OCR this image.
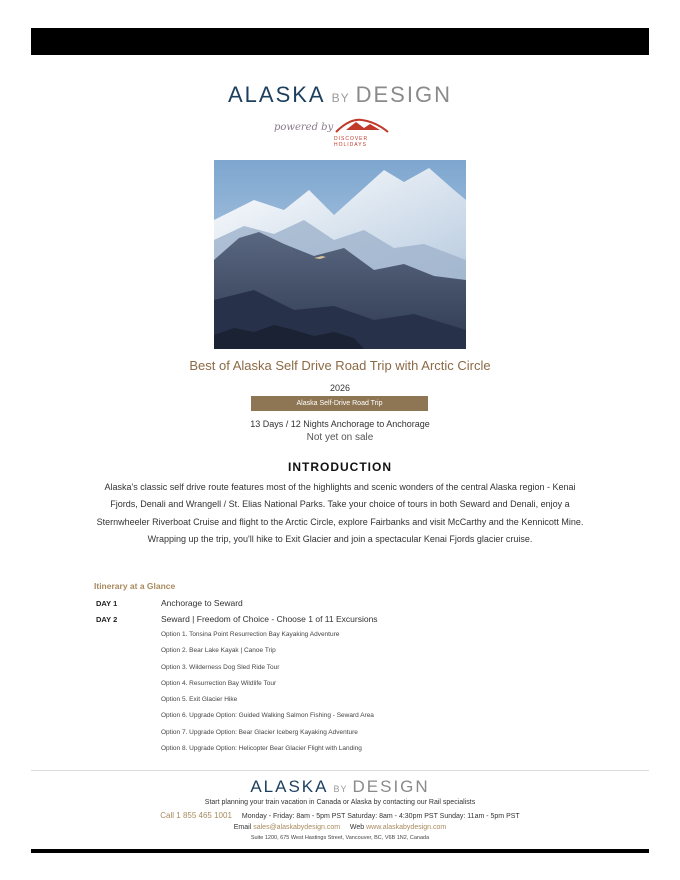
ALASKA BY DESIGN
powered by
DISCOVER HOLIDAYS
Best of Alaska Self Drive Road Trip with Arctic Circle
2026
Alaska Self-Drive Road Trip
13 Days / 12 Nights Anchorage to Anchorage
Not yet on sale
INTRODUCTION
Alaska's classic self drive route features most of the highlights and scenic wonders of the central Alaska region - Kenai Fjords, Denali and Wrangell / St. Elias National Parks. Take your choice of tours in both Seward and Denali, enjoy a Sternwheeler Riverboat Cruise and flight to the Arctic Circle, explore Fairbanks and visit McCarthy and the Kennicott Mine. Wrapping up the trip, you'll hike to Exit Glacier and join a spectacular Kenai Fjords glacier cruise.
Itinerary at a Glance
DAY 1	Anchorage to Seward
DAY 2	Seward | Freedom of Choice - Choose 1 of 11 Excursions
Option 1. Tonsina Point Resurrection Bay Kayaking Adventure
Option 2. Bear Lake Kayak | Canoe Trip
Option 3. Wilderness Dog Sled Ride Tour
Option 4. Resurrection Bay Wildlife Tour
Option 5. Exit Glacier Hike
Option 6. Upgrade Option: Guided Walking Salmon Fishing - Seward Area
Option 7. Upgrade Option: Bear Glacier Iceberg Kayaking Adventure
Option 8. Upgrade Option: Helicopter Bear Glacier Flight with Landing
ALASKA BY DESIGN
Start planning your train vacation in Canada or Alaska by contacting our Rail specialists
Call 1 855 465 1001 Monday - Friday: 8am - 5pm PST Saturday: 8am - 4:30pm PST Sunday: 11am - 5pm PST
Email sales@alaskabydesign.com Web www.alaskabydesign.com
Suite 1200, 675 West Hastings Street, Vancouver, BC, V6B 1N2, Canada
